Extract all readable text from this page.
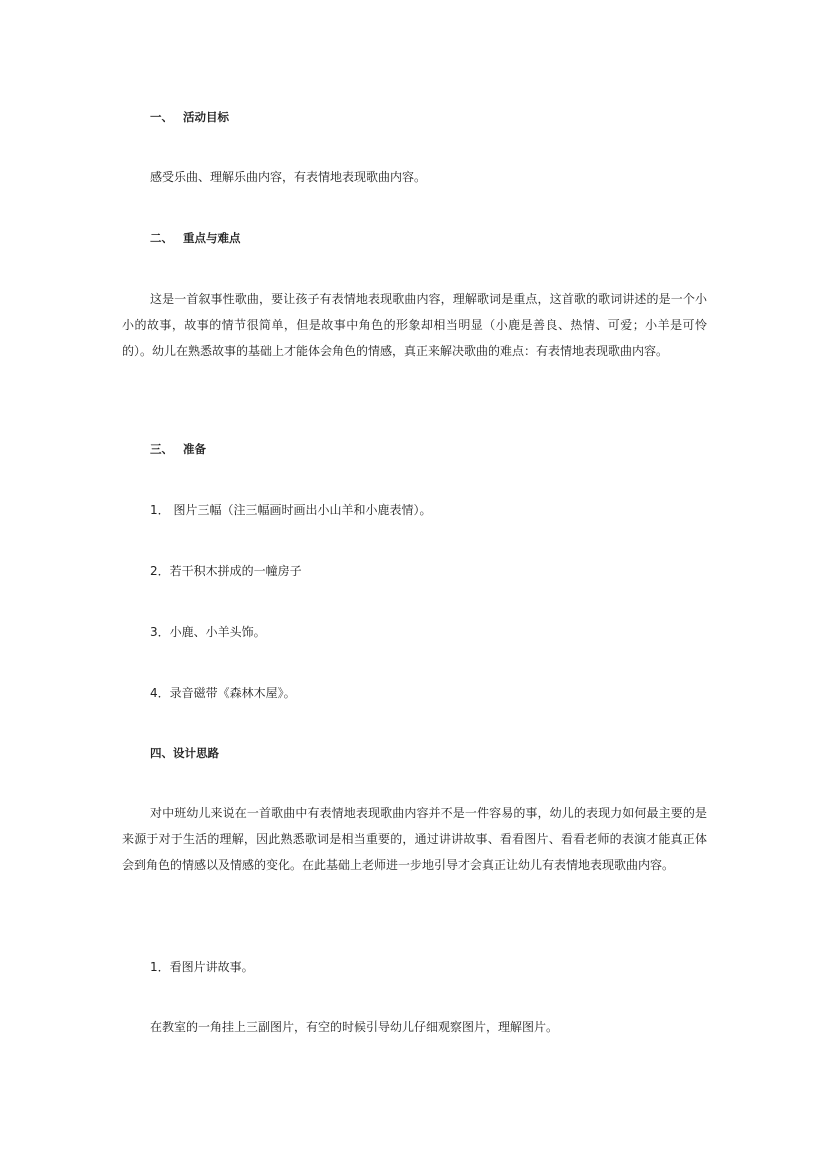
一、 活动目标
感受乐曲、理解乐曲内容，有表情地表现歌曲内容。
二、 重点与难点
这是一首叙事性歌曲，要让孩子有表情地表现歌曲内容，理解歌词是重点，这首歌的歌词讲述的是一个小小的故事，故事的情节很简单，但是故事中角色的形象却相当明显（小鹿是善良、热情、可爱；小羊是可怜的）。幼儿在熟悉故事的基础上才能体会角色的情感，真正来解决歌曲的难点：有表情地表现歌曲内容。
三、 准备
1． 图片三幅（注三幅画时画出小山羊和小鹿表情）。
2．若干积木拼成的一幢房子
3．小鹿、小羊头饰。
4．录音磁带《森林木屋》。
四、设计思路
对中班幼儿来说在一首歌曲中有表情地表现歌曲内容并不是一件容易的事，幼儿的表现力如何最主要的是来源于对于生活的理解，因此熟悉歌词是相当重要的，通过讲讲故事、看看图片、看看老师的表演才能真正体会到角色的情感以及情感的变化。在此基础上老师进一步地引导才会真正让幼儿有表情地表现歌曲内容。
1．看图片讲故事。
在教室的一角挂上三副图片，有空的时候引导幼儿仔细观察图片，理解图片。
